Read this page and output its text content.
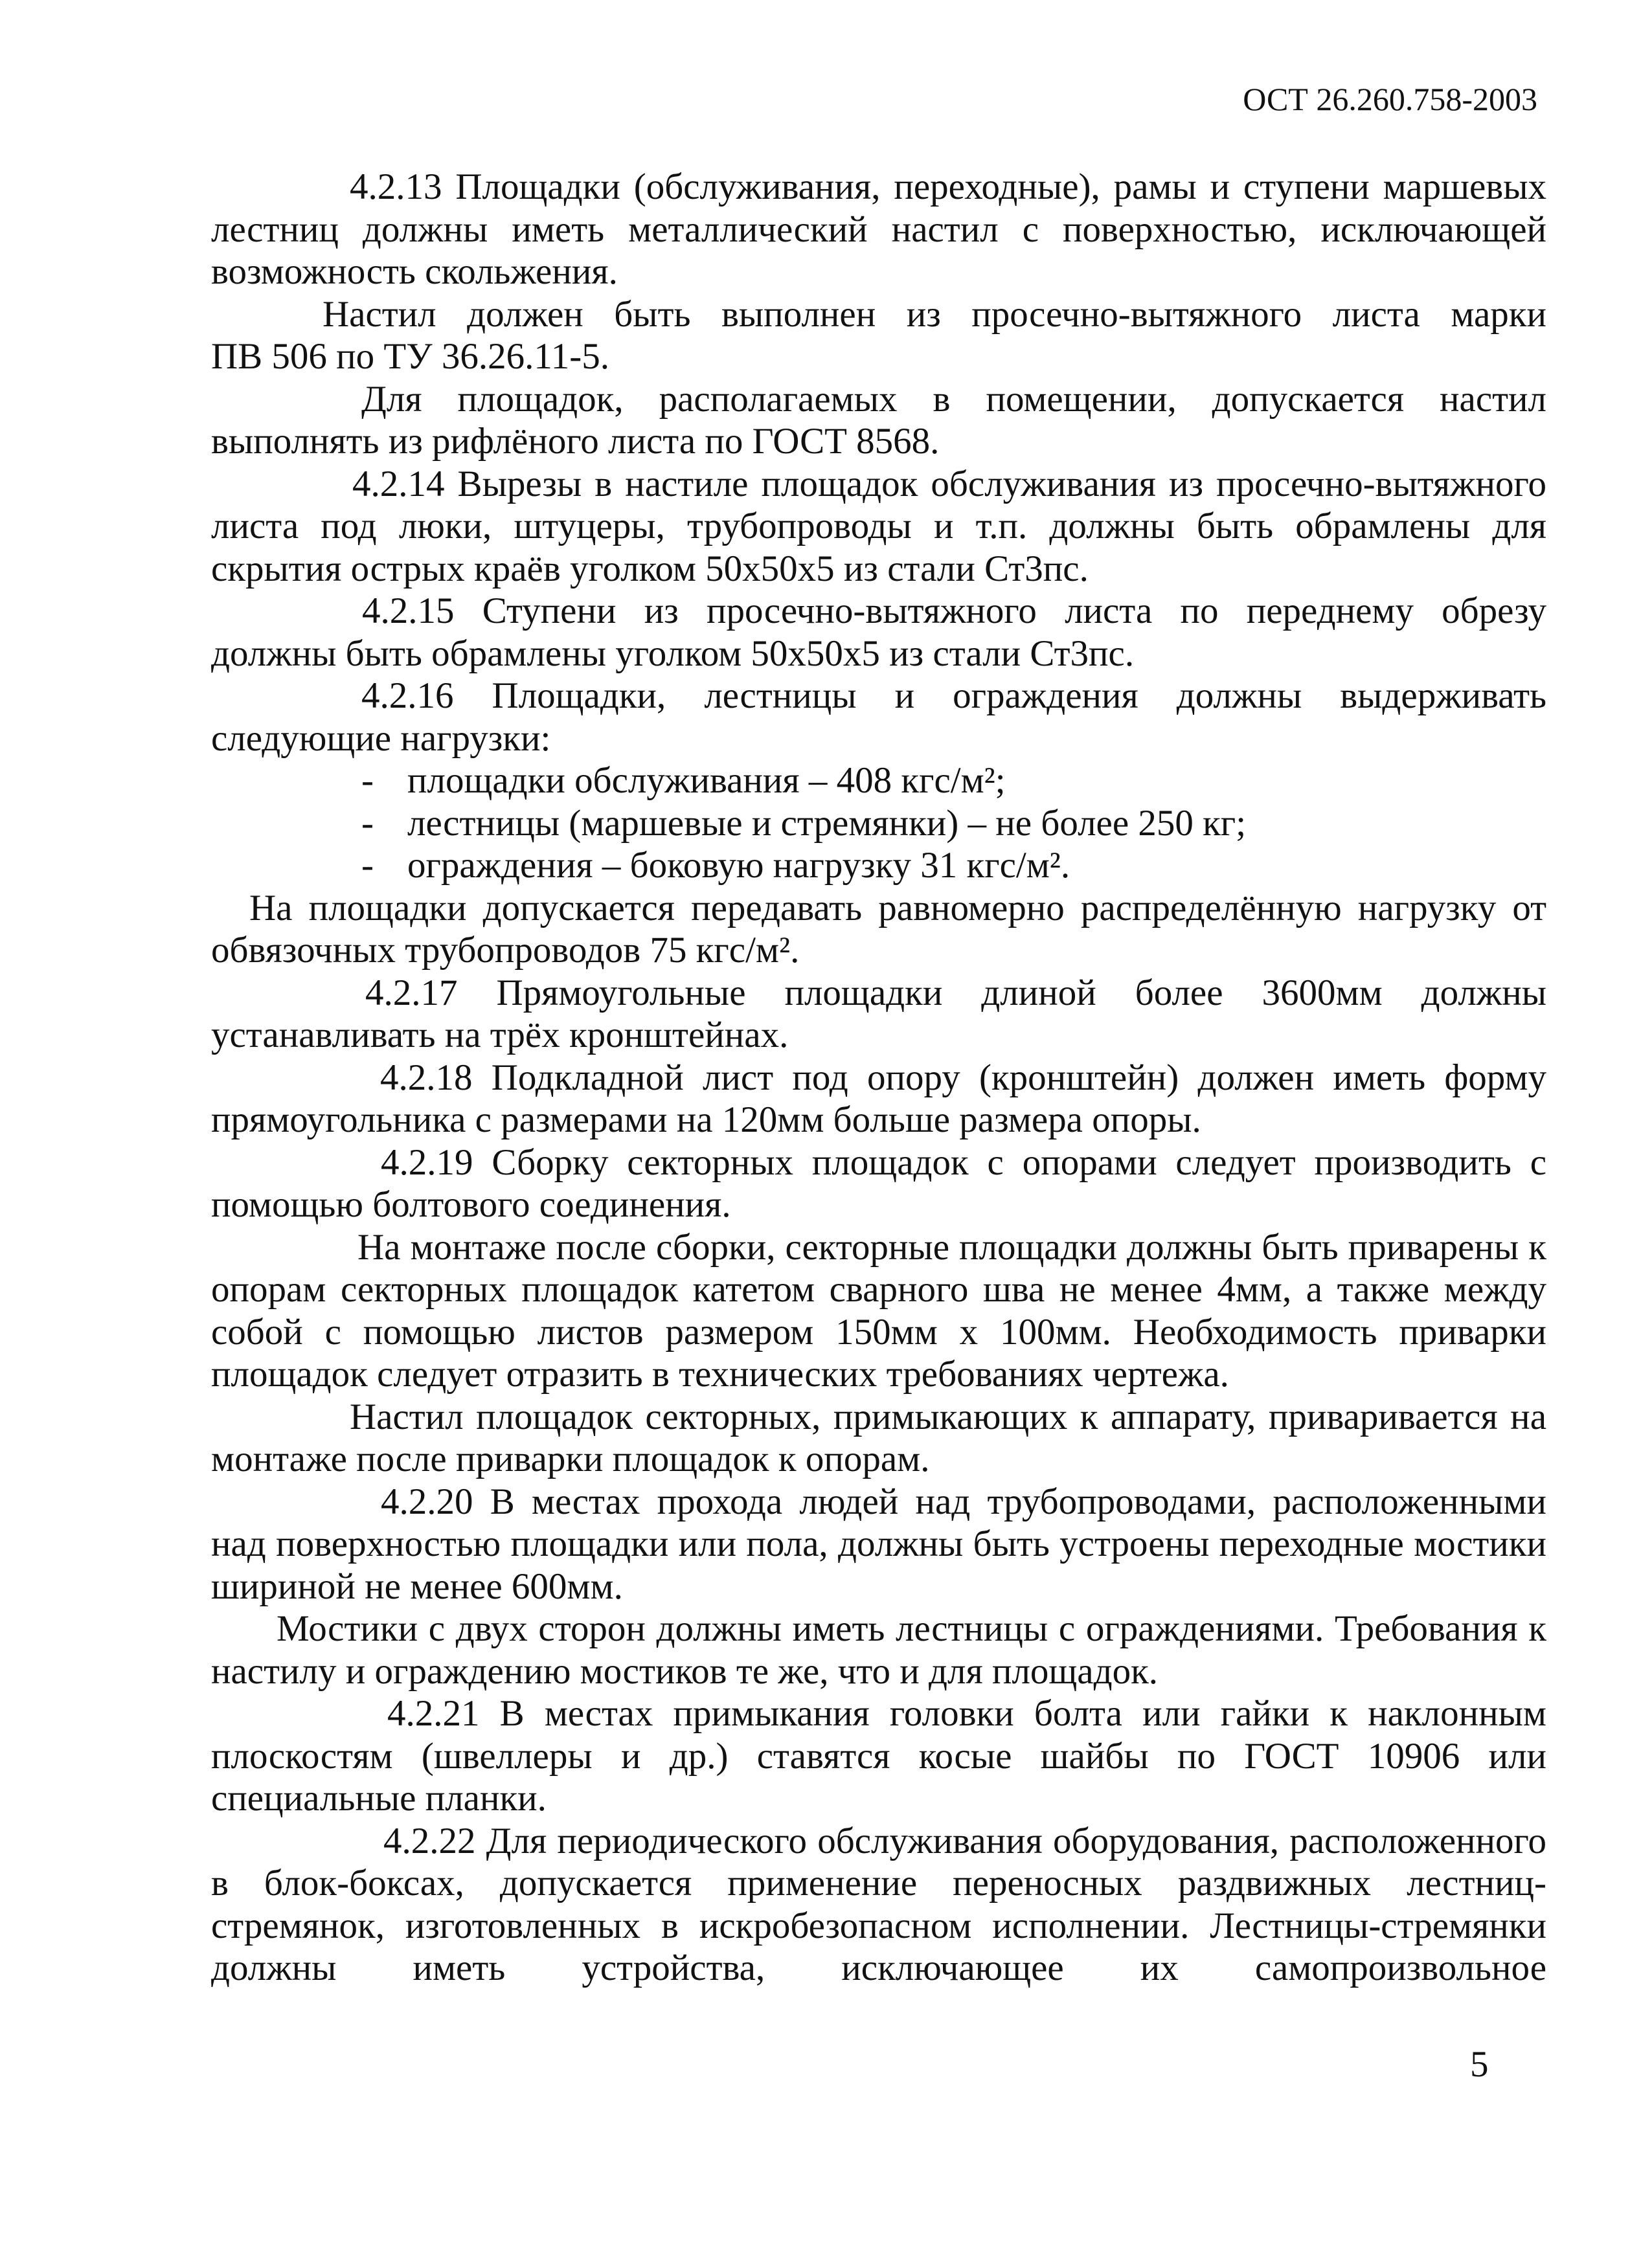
ОСТ 26.260.758-2003

4.2.13 Площадки (обслуживания, переходные), рамы и ступени маршевых лестниц должны иметь металлический настил с поверхностью, исключающей возможность скольжения.

Настил должен быть выполнен из просечно-вытяжного листа марки

ПВ 506 по ТУ 36.26.11-5.

Для площадок, располагаемых в помещении, допускается настил выполнять из рифлёного листа по ГОСТ 8568.

4.2.14 Вырезы в настиле площадок обслуживания из просечно-вытяжного листа под люки, штуцеры, трубопроводы и т.п. должны быть обрамлены для скрытия острых краёв уголком 50х50х5 из стали Ст3пс.

4.2.15 Ступени из просечно-вытяжного листа по переднему обрезу должны быть обрамлены уголком 50х50х5 из стали Ст3пс.

4.2.16 Площадки, лестницы и ограждения должны выдерживать следующие нагрузки:

- площадки обслуживания – 408 кгс/м²;

- лестницы (маршевые и стремянки) – не более 250 кг;

- ограждения – боковую нагрузку 31 кгс/м².

На площадки допускается передавать равномерно распределённую нагрузку от обвязочных трубопроводов 75 кгс/м².

4.2.17 Прямоугольные площадки длиной более 3600мм должны устанавливать на трёх кронштейнах.

4.2.18 Подкладной лист под опору (кронштейн) должен иметь форму прямоугольника с размерами на 120мм больше размера опоры.

4.2.19 Сборку секторных площадок с опорами следует производить с помощью болтового соединения.

На монтаже после сборки, секторные площадки должны быть приварены к опорам секторных площадок катетом сварного шва не менее 4мм, а также между собой с помощью листов размером 150мм х 100мм. Необходимость приварки площадок следует отразить в технических требованиях чертежа.

Настил площадок секторных, примыкающих к аппарату, приваривается на монтаже после приварки площадок к опорам.

4.2.20 В местах прохода людей над трубопроводами, расположенными над поверхностью площадки или пола, должны быть устроены переходные мостики шириной не менее 600мм.

Мостики с двух сторон должны иметь лестницы с ограждениями. Требования к настилу и ограждению мостиков те же, что и для площадок.

4.2.21 В местах примыкания головки болта или гайки к наклонным плоскостям (швеллеры и др.) ставятся косые шайбы по ГОСТ 10906 или специальные планки.

4.2.22 Для периодического обслуживания оборудования, расположенного в блок-боксах, допускается применение переносных раздвижных лестниц- стремянок, изготовленных в искробезопасном исполнении. Лестницы-стремянки должны иметь устройства, исключающее их самопроизвольное

5
